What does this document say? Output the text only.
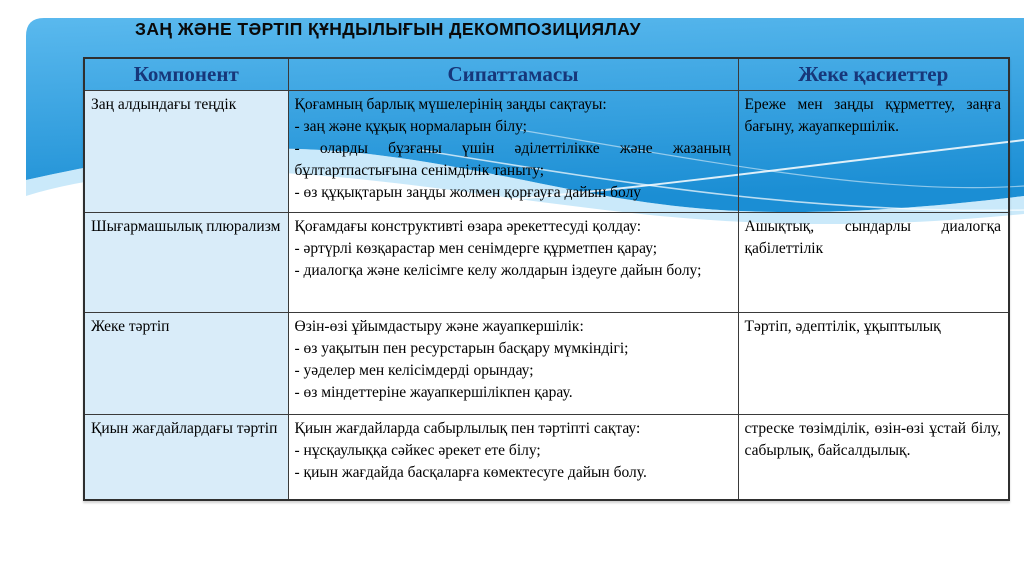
ЗАҢ ЖӘНЕ ТӘРТІП ҚҰНДЫЛЫҒЫН ДЕКОМПОЗИЦИЯЛАУ
Компонент	Сипаттамасы	Жеке қасиеттер

Заң алдындағы теңдік	Қоғамның барлық мүшелерінің заңды сақтауы:
- заң және құқық нормаларын білу;
- оларды бұзғаны үшін әділеттілікке және жазаның бұлтартпастығына сенімділік таныту;
- өз құқықтарын заңды жолмен қорғауға дайын болу	Ереже мен заңды құрметтеу, заңға бағыну, жауапкершілік.

Шығармашылық плюрализм	Қоғамдағы конструктивті өзара әрекеттесуді қолдау:
- әртүрлі көзқарастар мен сенімдерге құрметпен қарау;
- диалогқа және келісімге келу жолдарын іздеуге дайын болу;	Ашықтық, сындарлы диалогқа қабілеттілік

Жеке тәртіп	Өзін-өзі ұйымдастыру және жауапкершілік:
- өз уақытын пен ресурстарын басқару мүмкіндігі;
- уәделер мен келісімдерді орындау;
- өз міндеттеріне жауапкершілікпен қарау.	Тәртіп, әдептілік, ұқыптылық

Қиын жағдайлардағы тәртіп	Қиын жағдайларда сабырлылық пен тәртіпті сақтау:
- нұсқаулыққа сәйкес әрекет ете білу;
- қиын жағдайда басқаларға көмектесуге дайын болу.	стреске төзімділік, өзін-өзі ұстай білу, сабырлық, байсалдылық.
